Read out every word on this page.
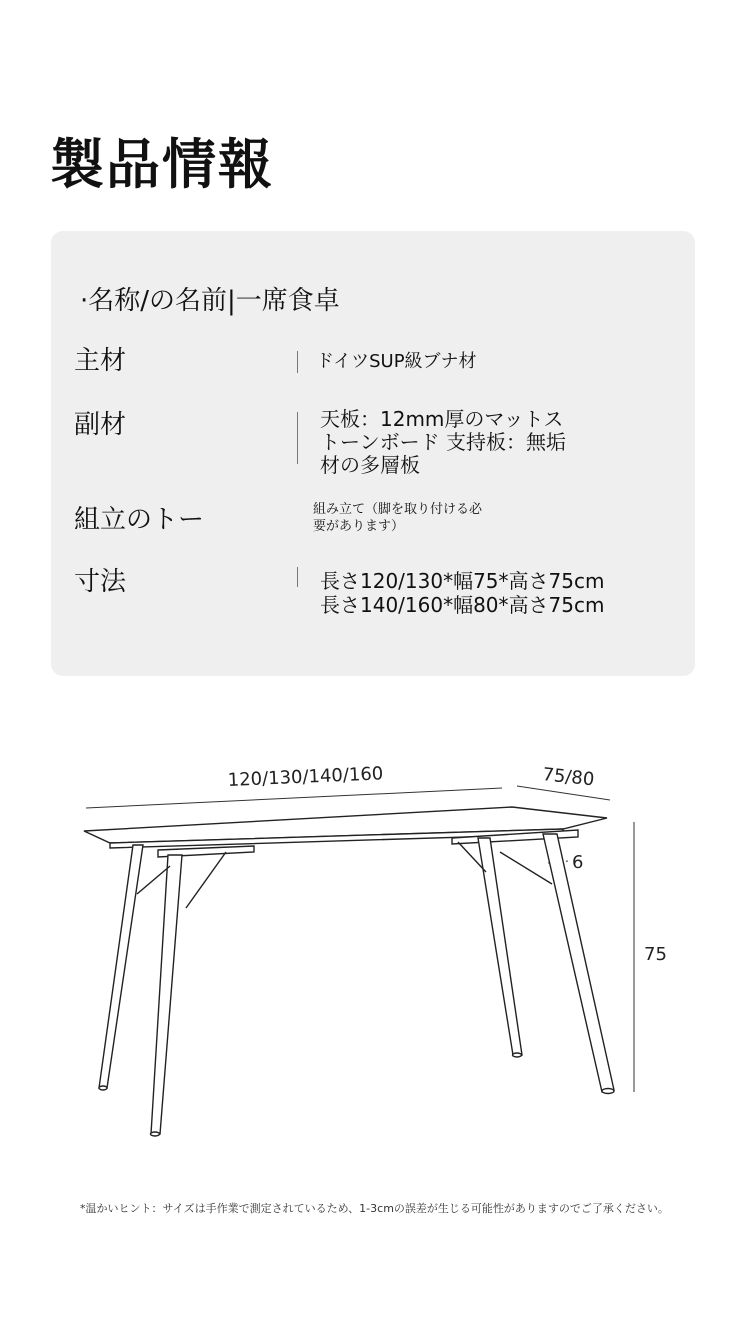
製品情報
·名称/の名前|一席食卓
主材	ドイツSUP級ブナ材
副材	天板：12mm厚のマットス
トーンボード 支持板：無垢
材の多層板
組立のトー	組み立て（脚を取り付ける必
要があります）
寸法	長さ120/130*幅75*高さ75cm
長さ140/160*幅80*高さ75cm
120/130/140/160	75/80
75
6
*温かいヒント：サイズは手作業で測定されているため、1-3cmの誤差が生じる可能性がありますのでご了承ください。
